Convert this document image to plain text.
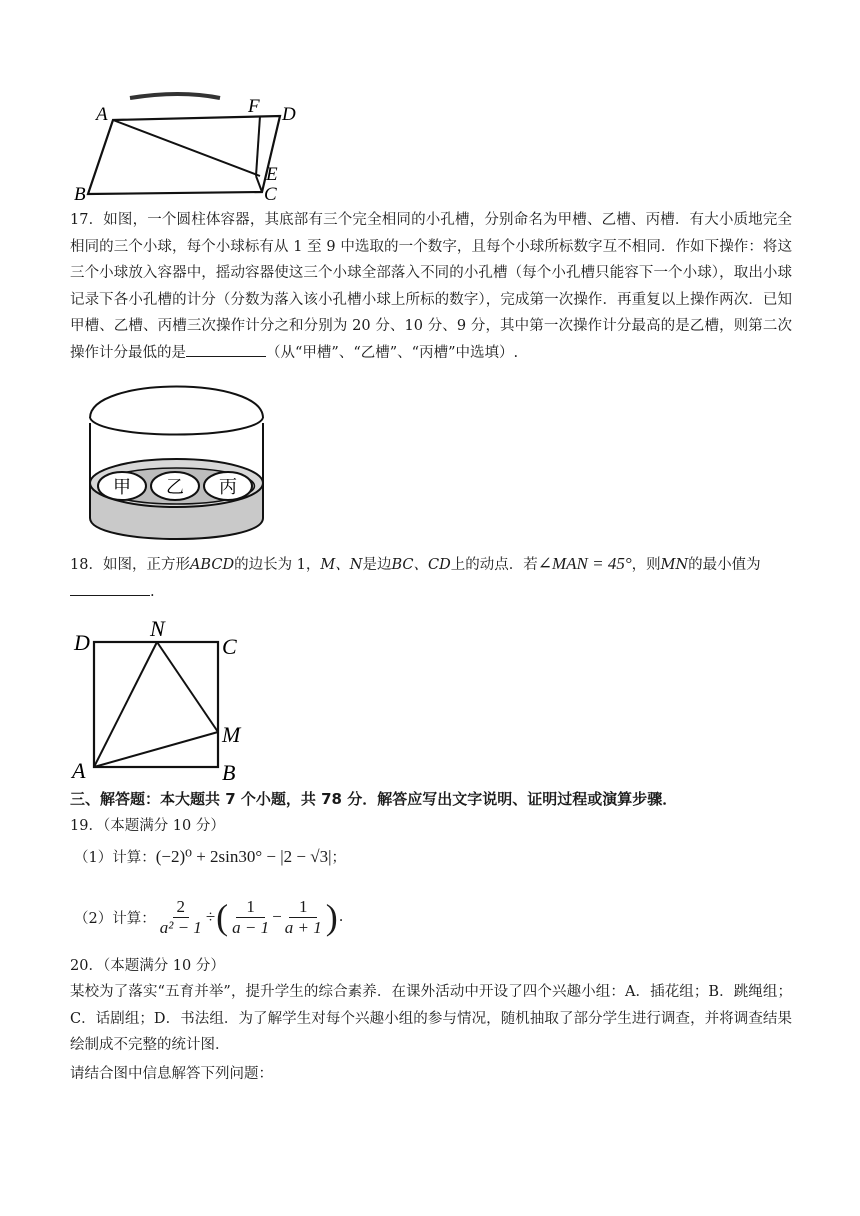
A	F D
B
E
C
17．如图，一个圆柱体容器，其底部有三个完全相同的小孔槽，分别命名为甲槽、乙槽、丙槽．有大小质地完全相同的三个小球，每个小球标有从 1 至 9 中选取的一个数字，且每个小球所标数字互不相同．作如下操作：将这三个小球放入容器中，摇动容器使这三个小球全部落入不同的小孔槽（每个小孔槽只能容下一个小球），取出小球记录下各小孔槽的计分（分数为落入该小孔槽小球上所标的数字），完成第一次操作．再重复以上操作两次．已知甲槽、乙槽、丙槽三次操作计分之和分别为 20 分、10 分、9 分，其中第一次操作计分最高的是乙槽，则第二次操作计分最低的是	（从“甲槽”、“乙槽”、“丙槽”中选填）.
甲 乙 丙
18．如图，正方形ABCD的边长为 1，M、N是边BC、CD上的动点．若∠MAN = 45°，则MN的最小值为
.
D
N
C
M
A	B
三、解答题：本大题共 7 个小题，共 78 分．解答应写出文字说明、证明过程或演算步骤．
19．（本题满分 10 分）
（1）计算：(−2)⁰ + 2sin30° − |2 − √3|；
（2）计算： $\frac{2}{\text{a² − 1}}$ ÷ ( $\frac{1}{a - 1} - \frac{1}{a + 1}$ ) .
20．（本题满分 10 分）
某校为了落实“五育并举”，提升学生的综合素养．在课外活动中开设了四个兴趣小组：A．插花组；B．跳绳组；C．话剧组；D．书法组．为了解学生对每个兴趣小组的参与情况，随机抽取了部分学生进行调查，并将调查结果绘制成不完整的统计图．
请结合图中信息解答下列问题：
